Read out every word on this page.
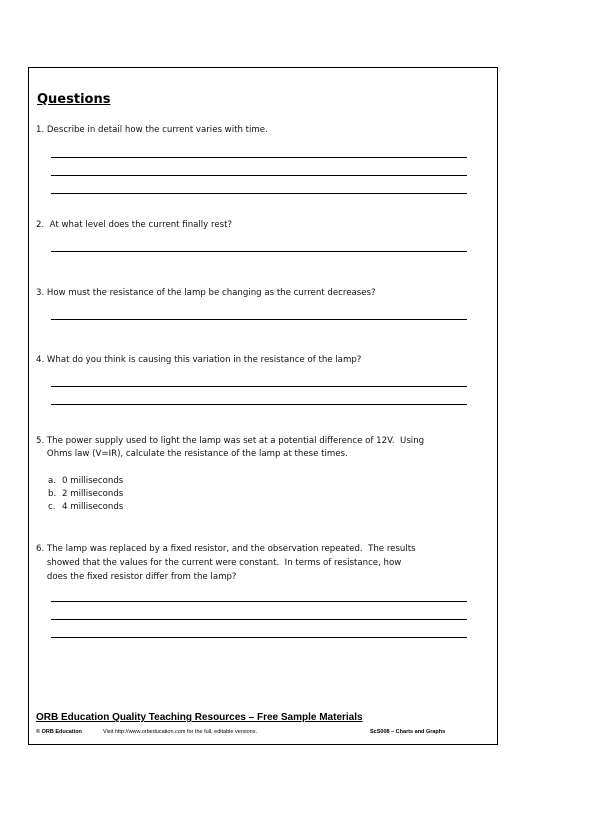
Questions
1. Describe in detail how the current varies with time.
2.  At what level does the current finally rest?
3. How must the resistance of the lamp be changing as the current decreases?
4. What do you think is causing this variation in the resistance of the lamp?
5. The power supply used to light the lamp was set at a potential difference of 12V.  Using
Ohms law (V=IR), calculate the resistance of the lamp at these times.
a. 0 milliseconds
b. 2 milliseconds
c. 4 milliseconds
6. The lamp was replaced by a fixed resistor, and the observation repeated.  The results
showed that the values for the current were constant.  In terms of resistance, how
does the fixed resistor differ from the lamp?
ORB Education Quality Teaching Resources – Free Sample Materials
© ORB Education	Visit http://www.orbeducation.com for the full, editable versions.	ScS008 – Charts and Graphs
